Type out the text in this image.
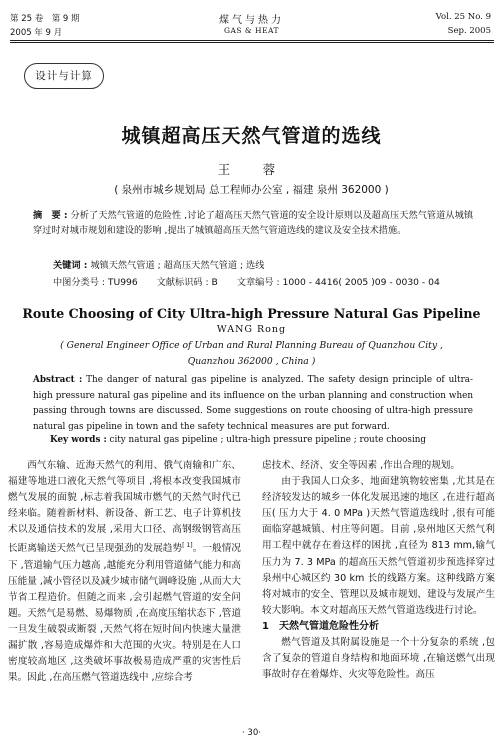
第 25 卷　第 9 期
2005 年 9 月
煤气与热力
GAS & HEAT
Vol. 25 No. 9
Sep. 2005
设计与计算
城镇超高压天然气管道的选线
王　蓉
( 泉州市城乡规划局 总工程师办公室 , 福建 泉州 362000 )
摘　要 : 分析了天然气管道的危险性 ,讨论了超高压天然气管道的安全设计原则以及超高压天然气管道从城镇穿过时对城市规划和建设的影响 ,提出了城镇超高压天然气管道选线的建议及安全技术措施。
关键词 : 城镇天然气管道 ; 超高压天然气管道 ; 选线
中图分类号 : TU996 文献标识码 : B 文章编号 : 1000 - 4416( 2005 )09 - 0030 - 04
Route Choosing of City Ultra-high Pressure Natural Gas Pipeline
WANG Rong
( General Engineer Office of Urban and Rural Planning Bureau of Quanzhou City ,
Quanzhou 362000 , China )
Abstract : The danger of natural gas pipeline is analyzed. The safety design principle of ultra-high pressure natural gas pipeline and its influence on the urban planning and construction when passing through towns are discussed. Some suggestions on route choosing of ultra-high pressure natural gas pipeline in town and the safety technical measures are put forward.
Key words : city natural gas pipeline ; ultra-high pressure pipeline ; route choosing

西气东输、近海天然气的利用、俄气南输和广东、福建等地进口液化天然气等项目 ,将根本改变我国城市燃气发展的面貌 ,标志着我国城市燃气的天然气时代已经来临。随着新材料、新设备、新工艺、电子计算机技术以及通信技术的发展 ,采用大口径、高钢级钢管高压长距离输送天然气已呈现强劲的发展趋势[ 1]。一般情况下 ,管道输气压力越高 ,越能充分利用管道储气能力和高压能量 ,减小管径以及减少城市储气调峰设施 ,从而大大节省工程造价。但随之而来 ,会引起燃气管道的安全问题。天然气是易燃、易爆物质 ,在高度压缩状态下 ,管道一旦发生破裂或断裂 ,天然气将在短时间内快速大量泄漏扩散 ,容易造成爆炸和大范围的火灾。特别是在人口密度较高地区 ,这类破坏事故极易造成严重的灾害性后果。因此 ,在高压燃气管道选线中 ,应综合考

虑技术、经济、安全等因素 ,作出合理的规划。

由于我国人口众多、地面建筑物较密集 ,尤其是在经济较发达的城乡一体化发展迅速的地区 ,在进行超高压( 压力大于 4. 0 MPa )天然气管道选线时 ,很有可能面临穿越城镇、村庄等问题。目前 ,泉州地区天然气利用工程中就存在着这样的困扰 ,直径为 813 mm,输气压力为 7. 3 MPa 的超高压天然气管道初步预选择穿过泉州中心城区约 30 km 长的线路方案。这种线路方案将对城市的安全、管理以及城市规划、建设与发展产生较大影响。本文对超高压天然气管道选线进行讨论。

1　天然气管道危险性分析

燃气管道及其附属设施是一个十分复杂的系统 ,包含了复杂的管道自身结构和地面环境 ,在输送燃气出现事故时存在着爆炸、火灾等危险性。高压

· 30·
